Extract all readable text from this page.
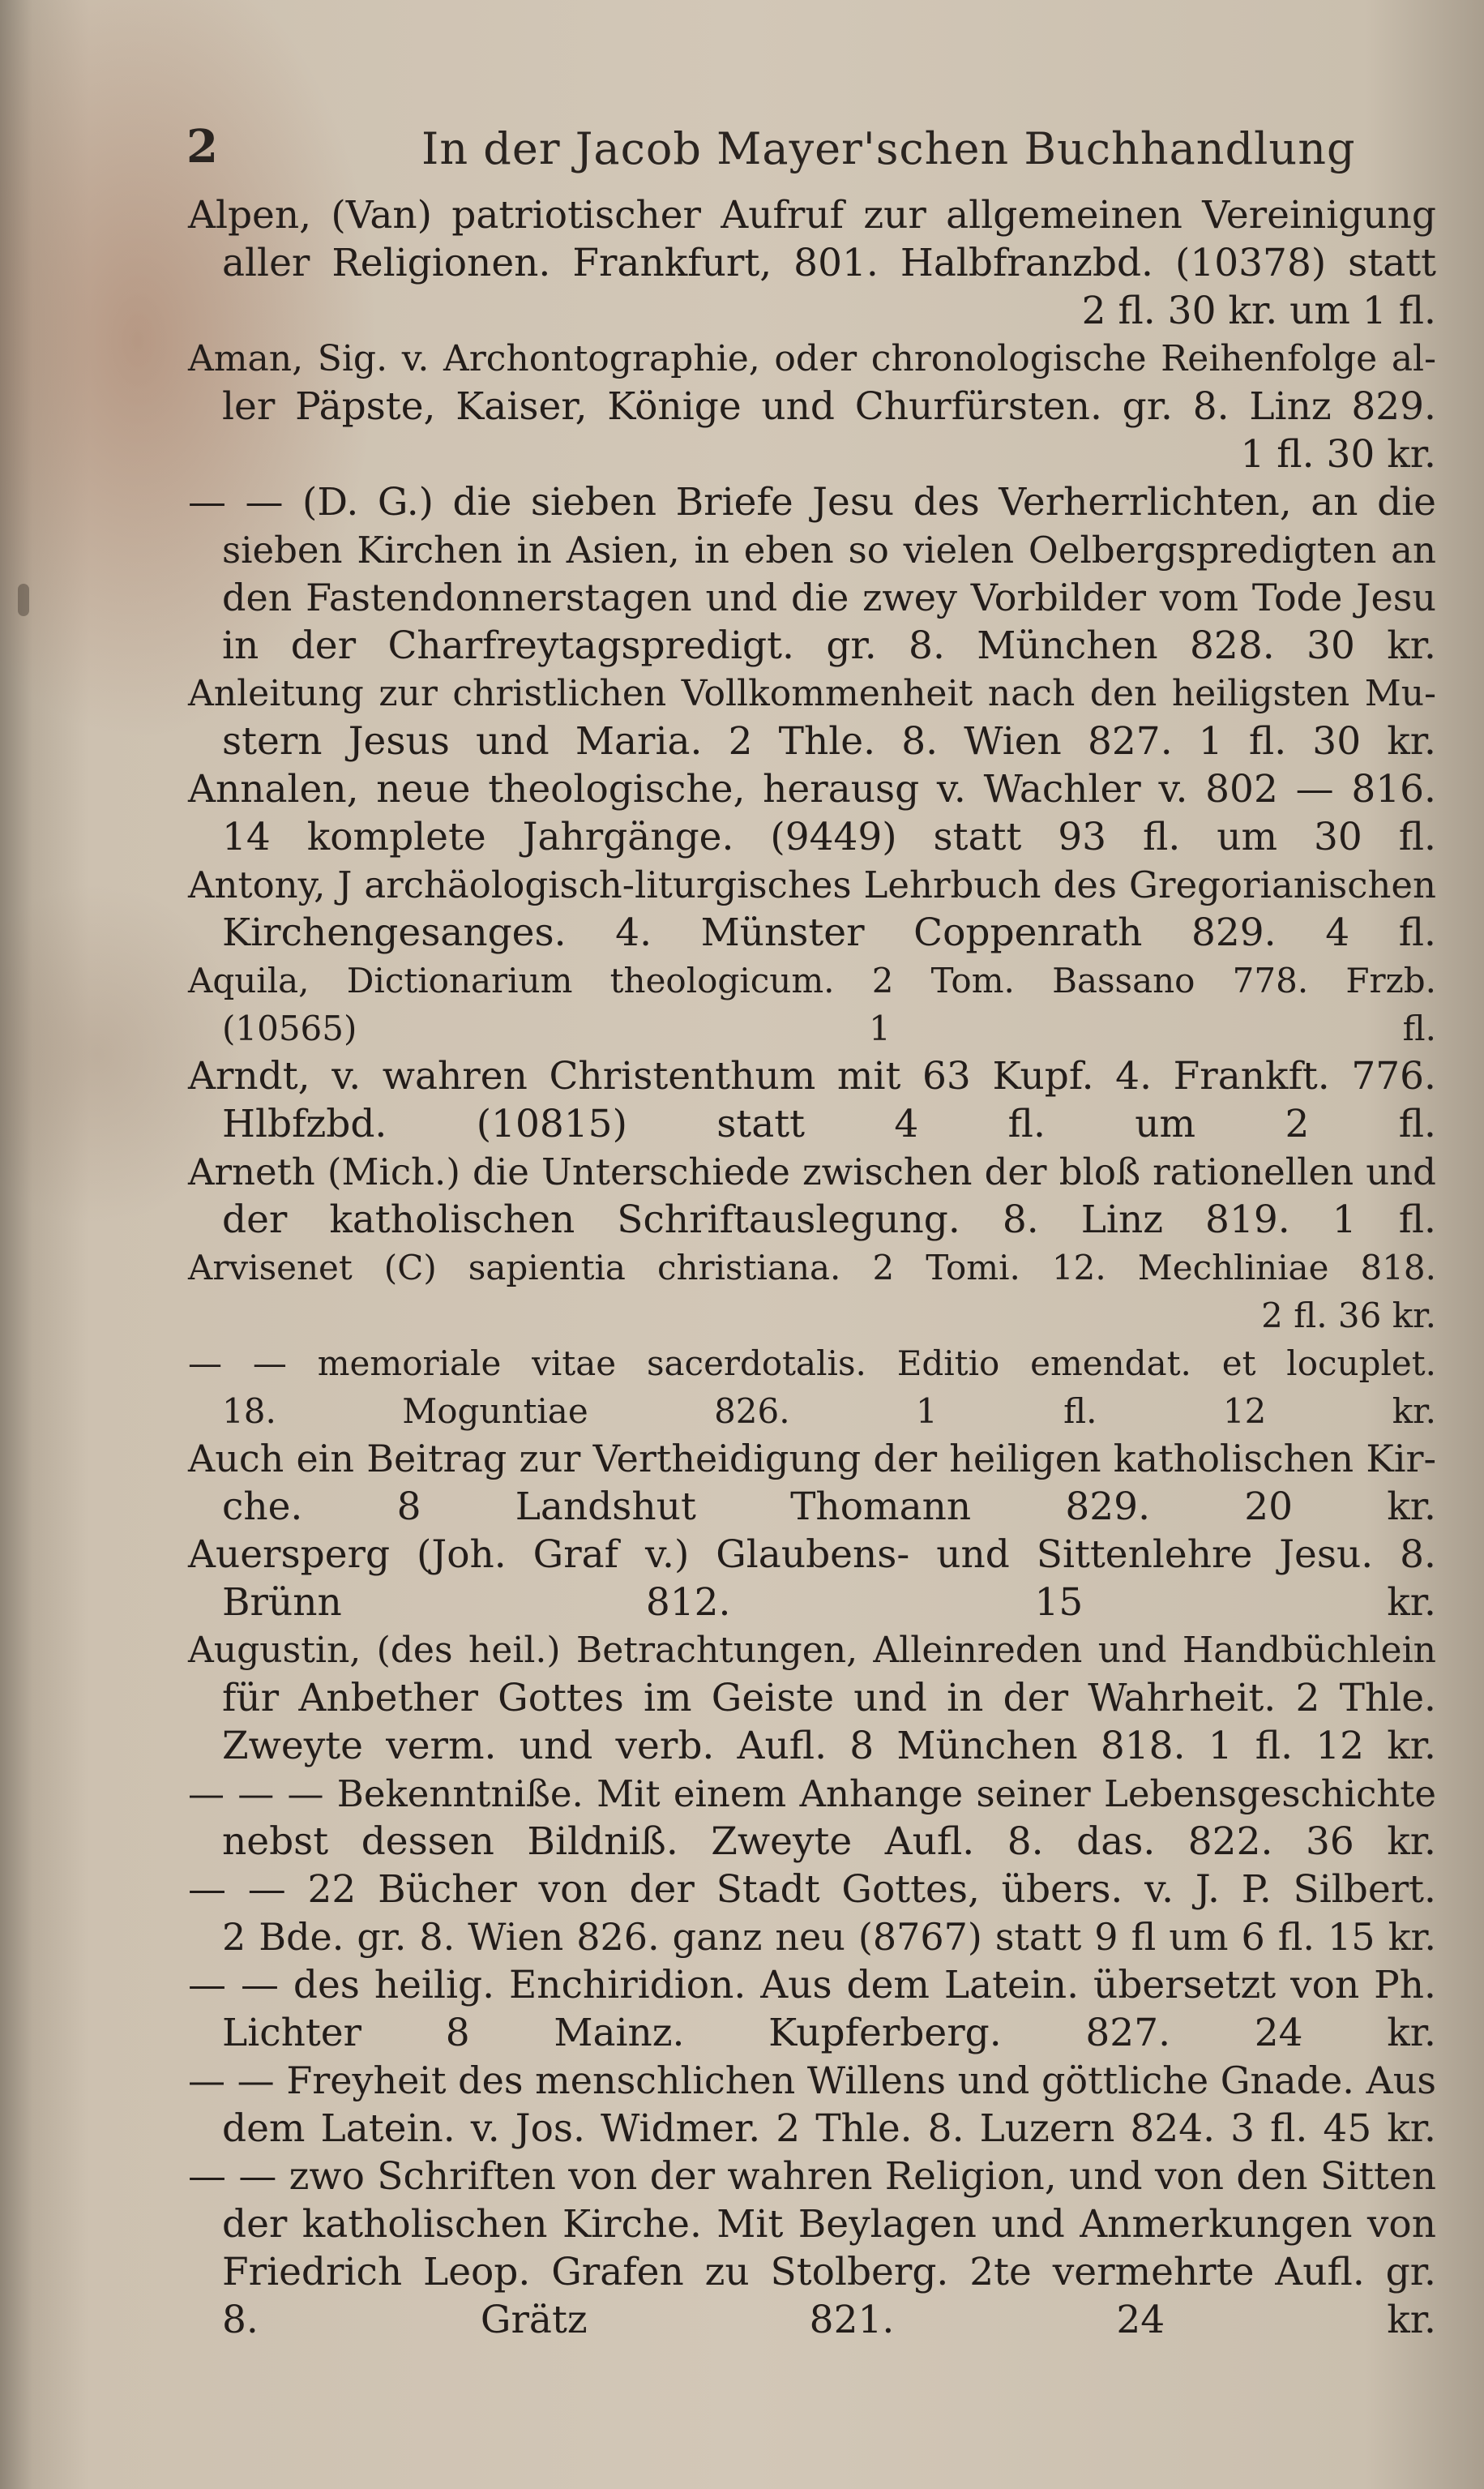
2	In der Jacob Mayer'schen Buchhandlung
Alpen, (Van) patriotischer Aufruf zur allgemeinen Vereinigung
aller Religionen. Frankfurt, 801. Halbfranzbd. (10378) statt
2 fl. 30 kr. um 1 fl.
Aman, Sig. v. Archontographie, oder chronologische Reihenfolge al-
ler Päpste, Kaiser, Könige und Churfürsten. gr. 8. Linz 829.
1 fl. 30 kr.
— — (D. G.) die sieben Briefe Jesu des Verherrlichten, an die
sieben Kirchen in Asien, in eben so vielen Oelbergspredigten an
den Fastendonnerstagen und die zwey Vorbilder vom Tode Jesu
in der Charfreytagspredigt. gr. 8. München 828. 30 kr.
Anleitung zur christlichen Vollkommenheit nach den heiligsten Mu-
stern Jesus und Maria. 2 Thle. 8. Wien 827. 1 fl. 30 kr.
Annalen, neue theologische, herausg v. Wachler v. 802 — 816.
14 komplete Jahrgänge. (9449) statt 93 fl. um 30 fl.
Antony, J archäologisch-liturgisches Lehrbuch des Gregorianischen
Kirchengesanges. 4. Münster Coppenrath 829. 4 fl.
Aquila, Dictionarium theologicum. 2 Tom. Bassano 778. Frzb.
(10565) 1 fl.
Arndt, v. wahren Christenthum mit 63 Kupf. 4. Frankft. 776.
Hlbfzbd. (10815) statt 4 fl. um 2 fl.
Arneth (Mich.) die Unterschiede zwischen der bloß rationellen und
der katholischen Schriftauslegung. 8. Linz 819. 1 fl.
Arvisenet (C) sapientia christiana. 2 Tomi. 12. Mechliniae 818.
2 fl. 36 kr.
— — memoriale vitae sacerdotalis. Editio emendat. et locuplet.
18. Moguntiae 826. 1 fl. 12 kr.
Auch ein Beitrag zur Vertheidigung der heiligen katholischen Kir-
che. 8 Landshut Thomann 829. 20 kr.
Auersperg (Joh. Graf v.) Glaubens- und Sittenlehre Jesu. 8.
Brünn 812. 15 kr.
Augustin, (des heil.) Betrachtungen, Alleinreden und Handbüchlein
für Anbether Gottes im Geiste und in der Wahrheit. 2 Thle.
Zweyte verm. und verb. Aufl. 8 München 818. 1 fl. 12 kr.
— — — Bekenntniße. Mit einem Anhange seiner Lebensgeschichte
nebst dessen Bildniß. Zweyte Aufl. 8. das. 822. 36 kr.
— — 22 Bücher von der Stadt Gottes, übers. v. J. P. Silbert.
2 Bde. gr. 8. Wien 826. ganz neu (8767) statt 9 fl um 6 fl. 15 kr.
— — des heilig. Enchiridion. Aus dem Latein. übersetzt von Ph.
Lichter 8 Mainz. Kupferberg. 827. 24 kr.
— — Freyheit des menschlichen Willens und göttliche Gnade. Aus
dem Latein. v. Jos. Widmer. 2 Thle. 8. Luzern 824. 3 fl. 45 kr.
— — zwo Schriften von der wahren Religion, und von den Sitten
der katholischen Kirche. Mit Beylagen und Anmerkungen von
Friedrich Leop. Grafen zu Stolberg. 2te vermehrte Aufl. gr.
8. Grätz 821. 24 kr.
